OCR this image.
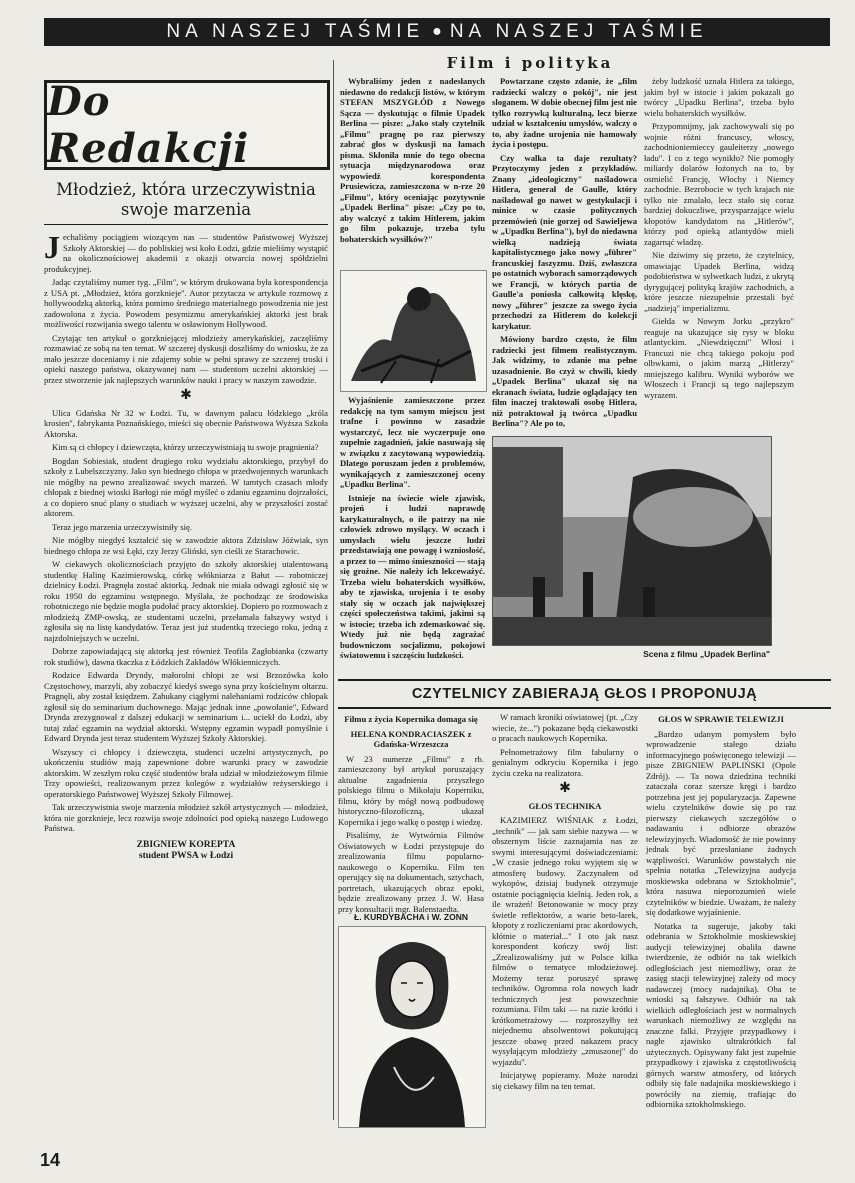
NA NASZEJ TAŚMIE ● NA NASZEJ TAŚMIE
Film i polityka
Do Redakcji
Młodzież, która urzeczywistnia swoje marzenia

Jechaliśmy pociągiem wiozącym nas — studentów Państwowej Wyższej Szkoły Aktorskiej — do pobliskiej wsi koło Łodzi, gdzie mieliśmy wystąpić na okolicznościowej akademii z okazji otwarcia nowej spółdzielni produkcyjnej.

Jadąc czytaliśmy numer tyg. „Film", w którym drukowana była korespondencja z USA pt. „Młodzież, która gorzknieje". Autor przytacza w artykule rozmowę z hollywoodzką aktorką, która pomimo średniego materialnego powodzenia nie jest zadowolona z życia. Powodem pesymizmu amerykańskiej aktorki jest brak możliwości rozwijania swego talentu w osławionym Hollywood.

Czytając ten artykuł o gorzkniejącej młodzieży amerykańskiej, zaczęliśmy rozmawiać ze sobą na ten temat. W szczerej dyskusji doszliśmy do wniosku, że za mało jeszcze doceniamy i nie zdajemy sobie w pełni sprawy ze szczerej troski i opieki naszego państwa, okazywanej nam — studentom uczelni aktorskiej — przez stworzenie jak najlepszych warunków nauki i pracy w naszym zawodzie.

✱

Ulica Gdańska Nr 32 w Łodzi. Tu, w dawnym pałacu łódzkiego „króla krosien", fabrykanta Poznańskiego, mieści się obecnie Państwowa Wyższa Szkoła Aktorska.

Kim są ci chłopcy i dziewczęta, którzy urzeczywistniają tu swoje pragnienia?

Bogdan Sobiesiak, student drugiego roku wydziału aktorskiego, przybył do szkoły z Lubelszczyzny. Jako syn biednego chłopa w przedwojennych warunkach nie mógłby na pewno zrealizować swych marzeń. W tamtych czasach młody chłopak z biednej wioski Barłogi nie mógł myśleć o zdaniu egzaminu dojrzałości, a co dopiero snuć plany o studiach w wyższej uczelni, aby w przyszłości zostać aktorem.

Teraz jego marzenia urzeczywistniły się.

Nie mógłby niegdyś kształcić się w zawodzie aktora Zdzisław Jóźwiak, syn biednego chłopa ze wsi Łęki, czy Jerzy Gliński, syn cieśli ze Starachowic.

W ciekawych okolicznościach przyjęto do szkoły aktorskiej utalentowaną studentkę Halinę Kazimierowską, córkę włókniarza z Bałut — robotniczej dzielnicy Łodzi. Pragnęła zostać aktorką. Jednak nie miała odwagi zgłosić się w roku 1950 do egzaminu wstępnego. Myślała, że pochodząc ze środowiska robotniczego nie będzie mogła podołać pracy aktorskiej. Dopiero po rozmowach z młodzieżą ZMP-owską, ze studentami uczelni, przełamała fałszywy wstyd i zgłosiła się na listę kandydatów. Teraz jest już studentką trzeciego roku, jedną z najzdolniejszych w uczelni.

Dobrze zapowiadającą się aktorką jest również Teofila Zagłobianka (czwarty rok studiów), dawna tkaczka z Łódzkich Zakładów Włókienniczych.

Rodzice Edwarda Dryndy, małorolni chłopi ze wsi Brzozówka koło Częstochowy, marzyli, aby zobaczyć kiedyś swego syna przy kościelnym ołtarzu. Pragnęli, aby został księdzem. Zahukany ciągłymi nalehaniami rodziców chłopak zgłosił się do seminarium duchownego. Mając jednak inne „powołanie", Edward Drynda zrezygnował z dalszej edukacji w seminarium i... uciekł do Łodzi, aby tutaj zdać egzamin na wydział aktorski. Wstępny egzamin wypadł pomyślnie i Edward Drynda jest teraz studentem Wyższej Szkoły Aktorskiej.

Wszyscy ci chłopcy i dziewczęta, studenci uczelni artystycznych, po ukończeniu studiów mają zapewnione dobre warunki pracy w zawodzie aktorskim. W zeszłym roku część studentów brała udział w młodzieżowym filmie Trzy opowieści, realizowanym przez kolegów z wydziałów reżyserskiego i operatorskiego Państwowej Wyższej Szkoły Filmowej.

Tak urzeczywistnia swoje marzenia młodzież szkół artystycznych — młodzież, która nie gorzknieje, lecz rozwija swoje zdolności pod opieką naszego Ludowego Państwa.

ZBIGNIEW KOREPTA
student PWSA w Łodzi

Wybraliśmy jeden z nadesłanych niedawno do redakcji listów, w którym STEFAN MSZYGŁÓD z Nowego Sącza — dyskutując o filmie Upadek Berlina — pisze: „Jako stały czytelnik „Filmu" pragnę po raz pierwszy zabrać głos w dyskusji na łamach pisma. Skłoniła mnie do tego obecna sytuacja międzynarodowa oraz wypowiedź korespondenta Prusiewicza, zamieszczona w n-rze 20 „Filmu", który oceniając pozytywnie „Upadek Berlina" pisze: „Czy po to, aby walczyć z takim Hitlerem, jakim go film pokazuje, trzeba tylu bohaterskich wysiłków?"

Wyjaśnienie zamieszczone przez redakcję na tym samym miejscu jest trafne i powinno w zasadzie wystarczyć, lecz nie wyczerpuje ono zupełnie zagadnień, jakie nasuwają się w związku z zacytowaną wypowiedzią. Dlatego poruszam jeden z problemów, wynikających z zamieszczonej oceny „Upadku Berlina".

Istnieje na świecie wiele zjawisk, projeń i ludzi naprawdę karykaturalnych, o ile patrzy na nie człowiek zdrowo myślący. W oczach i umysłach wielu jeszcze ludzi przedstawiają one powagę i wzniosłość, a przez to — mimo śmieszności — stają się groźne. Nie należy ich lekceważyć. Trzeba wielu bohaterskich wysiłków, aby te zjawiska, urojenia i te osoby stały się w oczach jak największej części społeczeństwa takimi, jakimi są w istocie; trzeba ich zdemaskować się. Wtedy już nie będą zagrażać budowniczom socjalizmu, pokojowi światowemu i szczęściu ludzkości.

Powtarzane często zdanie, że „film radziecki walczy o pokój", nie jest sloganem. W dobie obecnej film jest nie tylko rozrywką kulturalną, lecz bierze udział w kształceniu umysłów, walczy o to, aby żadne urojenia nie hamowały życia i postępu.

Czy walka ta daje rezultaty? Przytoczymy jeden z przykładów. Znany „ideologiczny" naśladowca Hitlera, generał de Gaulle, który naśladował go nawet w gestykulacji i minice w czasie politycznych przemówień (nie gorzej od Sawieljewa w „Upadku Berlina"), był do niedawna wielką nadzieją świata kapitalistycznego jako nowy „führer" francuskiej faszyzmu. Dziś, zwłaszcza po ostatnich wyborach samorządowych we Francji, w których partia de Gaulle'a poniosła całkowitą klęskę, nowy „führer" jeszcze za swego życia przechodzi za Hitlerem do kolekcji karykatur.

Mówiony bardzo często, że film radziecki jest filmem realistycznym. Jak widzimy, to zdanie ma pełne uzasadnienie. Bo czyż w chwili, kiedy „Upadek Berlina" ukazał się na ekranach świata, ludzie oglądający ten film inaczej traktowali osobę Hitlera, niż potraktował ją twórca „Upadku Berlina"? Ale po to,

żeby ludzkość uznała Hitlera za takiego, jakim był w istocie i jakim pokazali go twórcy „Upadku Berlina", trzeba było wielu bohaterskich wysiłków.

Przypomnijmy, jak zachowywali się po wojnie różni francuscy, włoscy, zachodnioniemieccy gauleiterzy „nowego ładu". I co z tego wynikło? Nie pomogły miliardy dolarów łożonych na to, by osmielić Francję, Włochy i Niemcy zachodnie. Bezrobocie w tych krajach nie tylko nie zmalało, lecz stało się coraz bardziej dokuczliwe, przysparzające wielu kłopotów kandydatom na „Hitlerów", którzy pod opieką atlantydów mieli zagarnąć władzę.

Nie dziwimy się przeto, że czytelnicy, omawiając Upadek Berlina, widzą podobieństwa w sylwetkach ludzi, z ukrytą dyrygującej polityką krajów zachodnich, a które jeszcze niezupełnie przestali być „nadzieją" imperializmu.

Giełda w Nowym Jorku „przykro" reaguje na ukazujące się rysy w bloku atlantyckim. „Niewdzięczni" Włosi i Francuzi nie chcą takiego pokoju pod olbwkami, o jakim marzą „Hitlerzy" mniejszego kalibru. Wyniki wyborów we Włoszech i Francji są tego najlepszym wyrazem.

Scena z filmu „Upadek Berlina"
CZYTELNICY ZABIERAJĄ GŁOS I PROPONUJĄ
Filmu z życia Kopernika domaga się
HELENA KONDRACIASZEK z Gdańska-Wrzeszcza

W 23 numerze „Filmu" z rb. zamieszczony był artykuł poruszający aktualne zagadnienia przyszłego polskiego filmu o Mikołaju Koperniku, filmu, który by mógł nową podbudowę historyczno-filozoficzną, ukazał Kopernika i jego walkę o postęp i wiedzę.

Pisaliśmy, że Wytwórnia Filmów Oświatowych w Łodzi przystępuje do zrealizowania filmu popularno-naukowego o Koperniku. Film ten operujący się na dokumentach, sztychach, portretach, ukazujących obraz epoki, będzie zrealizowany przez J. W. Hasa przy konsultacji mgr. Balenstaedta.

Ł. KURDYBACHA i W. ZONN

W ramach kroniki oświatowej (pt. „Czy wiecie, że...") pokazane będą ciekawostki o pracach naukowych Kopernika.

Pełnometrażowy film fabularny o genialnym odkryciu Kopernika i jego życiu czeka na realizatora.

✱
GŁOS TECHNIKA

KAZIMIERZ WIŚNIAK z Łodzi, „technik" — jak sam siebie nazywa — w obszernym liście zaznajamia nas ze swymi interesującymi doświadczeniami: „W czasie jednego roku wyjętem się w atmosferę budowy. Zaczynałem od wykopów, dzisiaj budynek otrzymuje ostatnie pociągnięcia kielnią. Jeden rok, a ile wrażeń! Betonowanie w mocy przy świetle reflektorów, a warie beto-larek, kłopoty z rozliczeniami prac akordowych, kłótnie o materiał..." I oto jak nasz korespondent kończy swój list: „Zrealizowaliśmy już w Polsce kilka filmów o tematyce młodzieżowej. Możemy teraz poruszyć sprawę techników. Ogromna rola nowych kadr technicznych jest powszechnie rozumiana. Film taki — na razie krótki i krótkometrażowy — rozproszyłby też niejednemu absolwentowi pokutującą jeszcze obawę przed nakazem pracy wysyłającym młodzieży „zmuszonej" do wyjazdu".

Inicjatywę popieramy. Może narodzi się ciekawy film na ten temat.

GŁOS W SPRAWIE TELEWIZJI

„Bardzo udanym pomysłem było wprowadzenie stałego działu informacyjnego poświęconego telewizji — pisze ZBIGNIEW PAPLIŃSKI (Opole Zdrój). — Ta nowa dziedzina techniki zataczała coraz szersze kręgi i bardzo potrzebna jest jej popularyzacja. Zapewne wielu czytelników dowie się po raz pierwszy ciekawych szczegółów o nadawaniu i odbiorze obrazów telewizyjnych. Wiadomość że nie powinny jednak być przesłaniane żadnych wątpliwości. Warunków powstałych nie spełnia notatka „Telewizyjna audycja moskiewska odebrana w Sztokholmie", która nasuwa nieporozumień wiele czytelników w biedzie. Uważam, że należy się dodatkowe wyjaśnienie.

Notatka ta sugeruje, jakoby taki odebrania w Sztokholmie moskiewskiej audycji telewizyjnej obaliła dawne twierdzenie, że odbiór na tak wielkich odległościach jest niemożliwy, oraz że zasięg stacji telewizyjnej zależy od mocy nadawczej (mocy nadajnika). Oba te wnioski są fałszywe. Odbiór na tak wielkich odległościach jest w normalnych warunkach niemożliwy ze względu na znaczne falki. Przyjęte przypadkowy i nagłe zjawisko ultrakrótkich fal użytecznych. Opisywany fakt jest zupełnie przypadkowy i zjawiska z częstotliwością górnych warstw atmosfery, od których odbiły się fale nadajnika moskiewskiego i powróciły na ziemię, trafiając do odbiornika sztokholmskiego.

14
